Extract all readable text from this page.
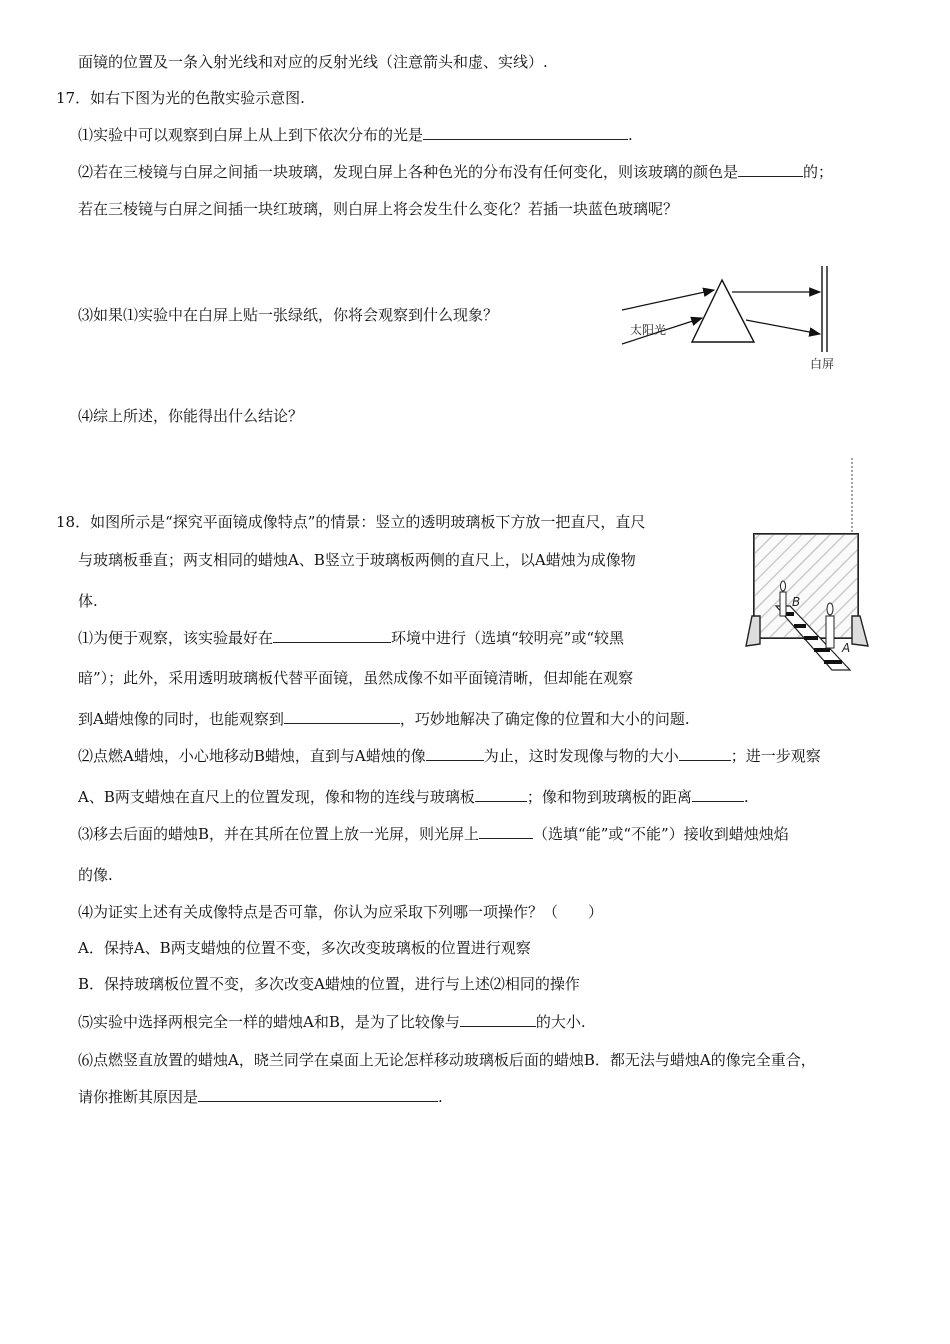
面镜的位置及一条入射光线和对应的反射光线（注意箭头和虚、实线）.
17．如右下图为光的色散实验示意图.
⑴实验中可以观察到白屏上从上到下依次分布的光是	.
⑵若在三棱镜与白屏之间插一块玻璃，发现白屏上各种色光的分布没有任何变化，则该玻璃的颜色是	的；
若在三棱镜与白屏之间插一块红玻璃，则白屏上将会发生什么变化？若插一块蓝色玻璃呢？
⑶如果⑴实验中在白屏上贴一张绿纸，你将会观察到什么现象？
⑷综上所述，你能得出什么结论？
太阳光
白屏
18．如图所示是“探究平面镜成像特点”的情景：竖立的透明玻璃板下方放一把直尺，直尺
与玻璃板垂直；两支相同的蜡烛A、B竖立于玻璃板两侧的直尺上，以A蜡烛为成像物
体.
⑴为便于观察，该实验最好在	环境中进行（选填“较明亮”或“较黑
暗”）；此外，采用透明玻璃板代替平面镜，虽然成像不如平面镜清晰，但却能在观察
到A蜡烛像的同时，也能观察到	，巧妙地解决了确定像的位置和大小的问题.
⑵点燃A蜡烛，小心地移动B蜡烛，直到与A蜡烛的像	为止，这时发现像与物的大小	；进一步观察
A、B两支蜡烛在直尺上的位置发现，像和物的连线与玻璃板	；像和物到玻璃板的距离	.
⑶移去后面的蜡烛B，并在其所在位置上放一光屏，则光屏上	（选填“能”或“不能”）接收到蜡烛烛焰
的像.
⑷为证实上述有关成像特点是否可靠，你认为应采取下列哪一项操作？（　　）
A．保持A、B两支蜡烛的位置不变，多次改变玻璃板的位置进行观察
B．保持玻璃板位置不变，多次改变A蜡烛的位置，进行与上述⑵相同的操作
⑸实验中选择两根完全一样的蜡烛A和B，是为了比较像与	的大小.
⑹点燃竖直放置的蜡烛A，晓兰同学在桌面上无论怎样移动玻璃板后面的蜡烛B．都无法与蜡烛A的像完全重合，
请你推断其原因是	.
B
A
